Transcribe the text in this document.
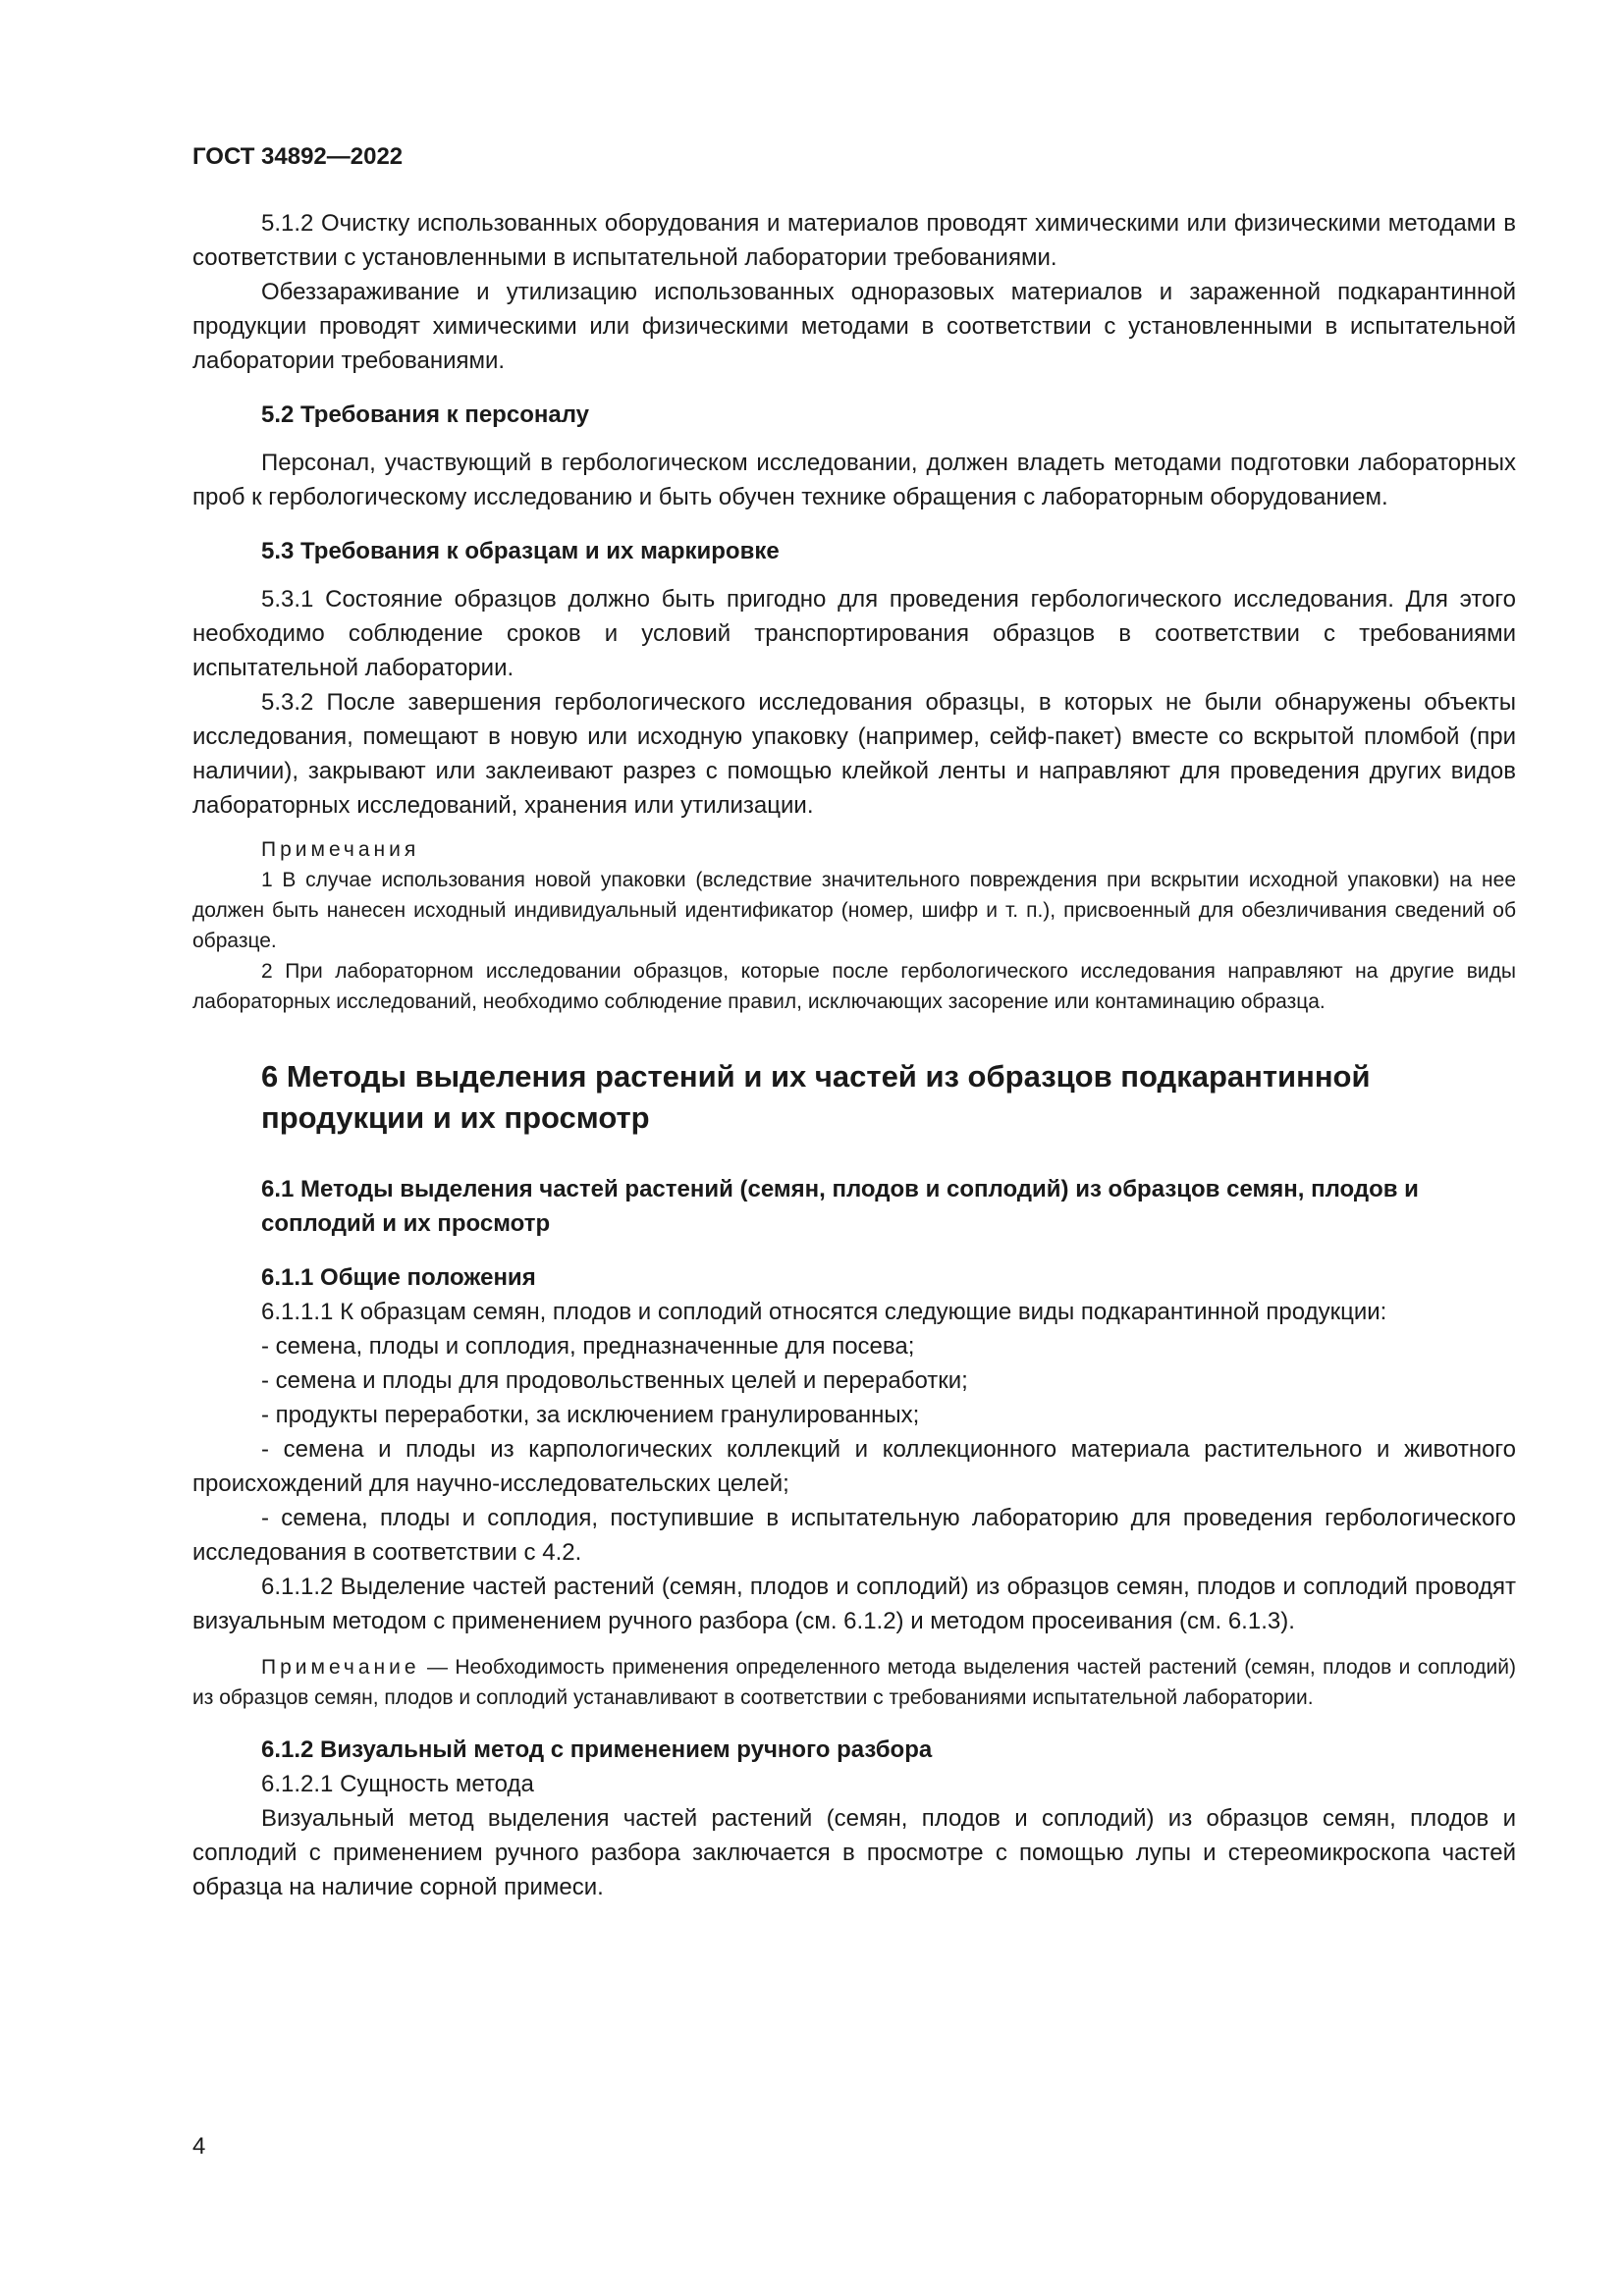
ГОСТ 34892—2022

5.1.2 Очистку использованных оборудования и материалов проводят химическими или физическими методами в соответствии с установленными в испытательной лаборатории требованиями.

Обеззараживание и утилизацию использованных одноразовых материалов и зараженной подкарантинной продукции проводят химическими или физическими методами в соответствии с установленными в испытательной лаборатории требованиями.

5.2 Требования к персоналу

Персонал, участвующий в гербологическом исследовании, должен владеть методами подготовки лабораторных проб к гербологическому исследованию и быть обучен технике обращения с лабораторным оборудованием.

5.3 Требования к образцам и их маркировке

5.3.1 Состояние образцов должно быть пригодно для проведения гербологического исследования. Для этого необходимо соблюдение сроков и условий транспортирования образцов в соответствии с требованиями испытательной лаборатории.

5.3.2 После завершения гербологического исследования образцы, в которых не были обнаружены объекты исследования, помещают в новую или исходную упаковку (например, сейф-пакет) вместе со вскрытой пломбой (при наличии), закрывают или заклеивают разрез с помощью клейкой ленты и направляют для проведения других видов лабораторных исследований, хранения или утилизации.

Примечания

1 В случае использования новой упаковки (вследствие значительного повреждения при вскрытии исходной упаковки) на нее должен быть нанесен исходный индивидуальный идентификатор (номер, шифр и т. п.), присвоенный для обезличивания сведений об образце.

2 При лабораторном исследовании образцов, которые после гербологического исследования направляют на другие виды лабораторных исследований, необходимо соблюдение правил, исключающих засорение или контаминацию образца.

6 Методы выделения растений и их частей из образцов подкарантинной продукции и их просмотр
6.1 Методы выделения частей растений (семян, плодов и соплодий) из образцов семян, плодов и соплодий и их просмотр
6.1.1 Общие положения

6.1.1.1 К образцам семян, плодов и соплодий относятся следующие виды подкарантинной продукции:

- семена, плоды и соплодия, предназначенные для посева;

- семена и плоды для продовольственных целей и переработки;

- продукты переработки, за исключением гранулированных;

- семена и плоды из карпологических коллекций и коллекционного материала растительного и животного происхождений для научно-исследовательских целей;

- семена, плоды и соплодия, поступившие в испытательную лабораторию для проведения гербологического исследования в соответствии с 4.2.

6.1.1.2 Выделение частей растений (семян, плодов и соплодий) из образцов семян, плодов и соплодий проводят визуальным методом с применением ручного разбора (см. 6.1.2) и методом просеивания (см. 6.1.3).

Примечание — Необходимость применения определенного метода выделения частей растений (семян, плодов и соплодий) из образцов семян, плодов и соплодий устанавливают в соответствии с требованиями испытательной лаборатории.

6.1.2 Визуальный метод с применением ручного разбора

6.1.2.1 Сущность метода

Визуальный метод выделения частей растений (семян, плодов и соплодий) из образцов семян, плодов и соплодий с применением ручного разбора заключается в просмотре с помощью лупы и стереомикроскопа частей образца на наличие сорной примеси.

4
